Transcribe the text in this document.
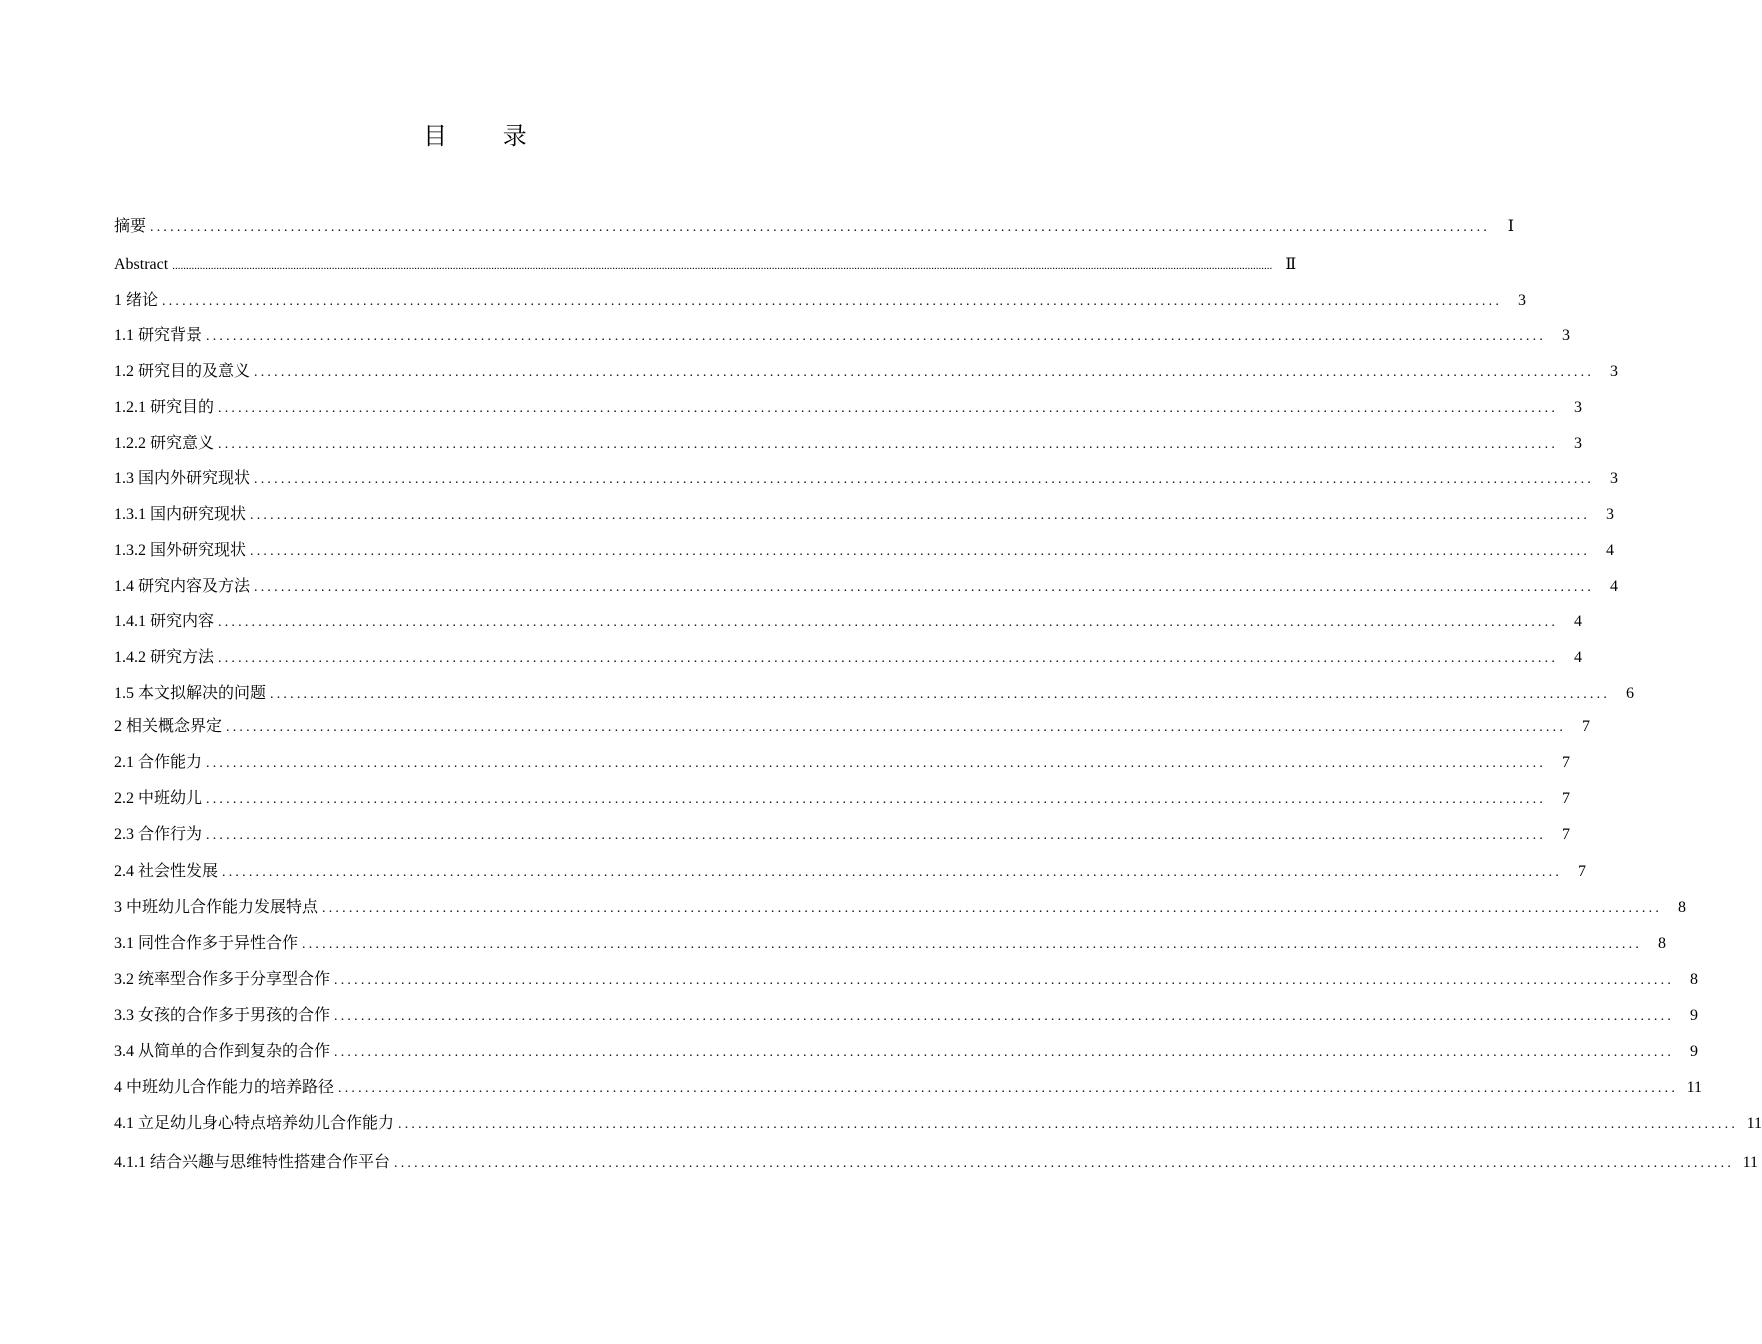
目 录
摘要 ........................................................................................................................................................................................................	Ⅰ
Abstract ................................................................................................................................................................................................................................................................................................................................................................................................................ Ⅱ
1 绪论 ........................................................................................................................................................................................................	3
1.1 研究背景 ........................................................................................................................................................................................................	3
1.2 研究目的及意义 ........................................................................................................................................................................................................	3
1.2.1 研究目的 ........................................................................................................................................................................................................	3
1.2.2 研究意义 ........................................................................................................................................................................................................	3
1.3 国内外研究现状 ........................................................................................................................................................................................................	3
1.3.1 国内研究现状 ........................................................................................................................................................................................................	3
1.3.2 国外研究现状 ........................................................................................................................................................................................................	4
1.4 研究内容及方法 ........................................................................................................................................................................................................	4
1.4.1 研究内容 ........................................................................................................................................................................................................	4
1.4.2 研究方法 ........................................................................................................................................................................................................	4
1.5 本文拟解决的问题 ........................................................................................................................................................................................................	6
2 相关概念界定 ........................................................................................................................................................................................................	7
2.1 合作能力 ........................................................................................................................................................................................................	7
2.2 中班幼儿 ........................................................................................................................................................................................................	7
2.3 合作行为 ........................................................................................................................................................................................................	7
2.4 社会性发展 ........................................................................................................................................................................................................	7
3 中班幼儿合作能力发展特点 ........................................................................................................................................................................................................	8
3.1 同性合作多于异性合作 ........................................................................................................................................................................................................	8
3.2 统率型合作多于分享型合作 ........................................................................................................................................................................................................	8
3.3 女孩的合作多于男孩的合作 ........................................................................................................................................................................................................	9
3.4 从简单的合作到复杂的合作 ........................................................................................................................................................................................................	9
4 中班幼儿合作能力的培养路径 ........................................................................................................................................................................................................ 11
4.1 立足幼儿身心特点培养幼儿合作能力 ........................................................................................................................................................................................................ 11
4.1.1 结合兴趣与思维特性搭建合作平台 ........................................................................................................................................................................................................ 11
